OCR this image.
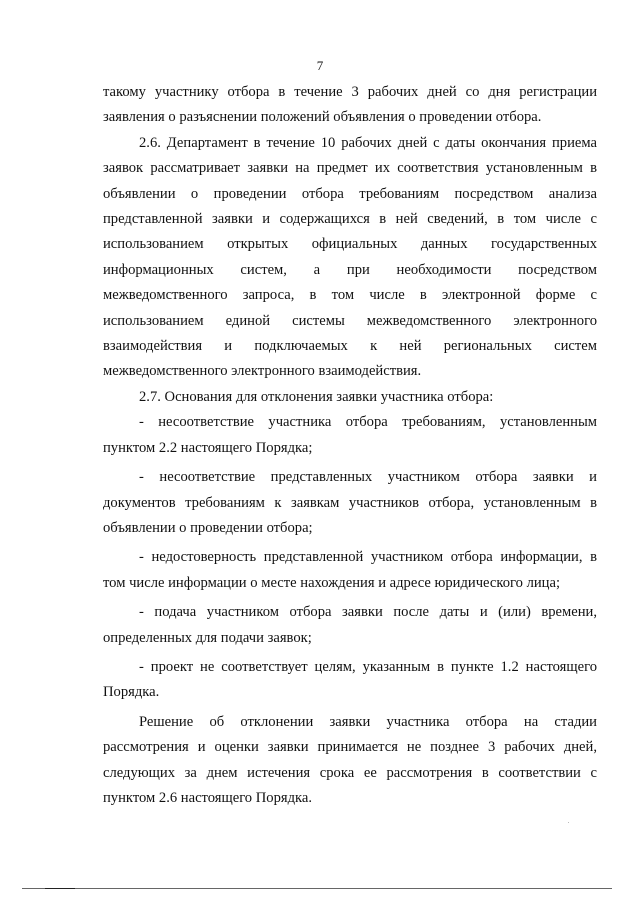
7

такому участнику отбора в течение 3 рабочих дней со дня регистрации заявления о разъяснении положений объявления о проведении отбора.

2.6. Департамент в течение 10 рабочих дней с даты окончания приема заявок рассматривает заявки на предмет их соответствия установленным в объявлении о проведении отбора требованиям посредством анализа представленной заявки и содержащихся в ней сведений, в том числе с использованием открытых официальных данных государственных информационных систем, а при необходимости посредством межведомственного запроса, в том числе в электронной форме с использованием единой системы межведомственного электронного взаимодействия и подключаемых к ней региональных систем межведомственного электронного взаимодействия.

2.7. Основания для отклонения заявки участника отбора:

- несоответствие участника отбора требованиям, установленным пунктом 2.2 настоящего Порядка;

- несоответствие представленных участником отбора заявки и документов требованиям к заявкам участников отбора, установленным в объявлении о проведении отбора;

- недостоверность представленной участником отбора информации, в том числе информации о месте нахождения и адресе юридического лица;

- подача участником отбора заявки после даты и (или) времени, определенных для подачи заявок;

- проект не соответствует целям, указанным в пункте 1.2 настоящего Порядка.

Решение об отклонении заявки участника отбора на стадии рассмотрения и оценки заявки принимается не позднее 3 рабочих дней, следующих за днем истечения срока ее рассмотрения в соответствии с пунктом 2.6 настоящего Порядка.
